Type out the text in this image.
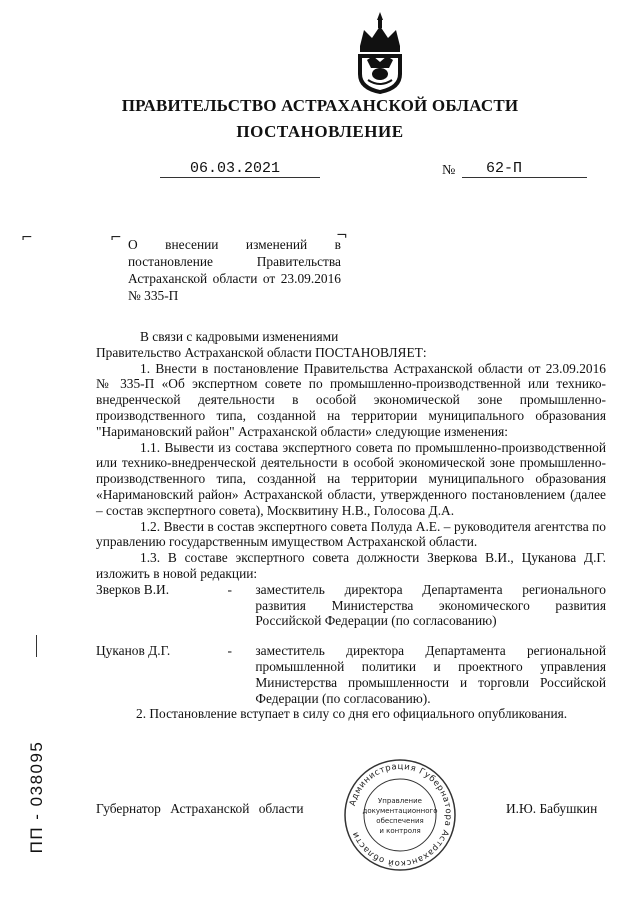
ПРАВИТЕЛЬСТВО АСТРАХАНСКОЙ ОБЛАСТИ
ПОСТАНОВЛЕНИЕ
06.03.2021	№ 62-П
⌐	⌐	¬
О внесении изменений в постановление Правительства Астраханской области от 23.09.2016 № 335-П

В связи с кадровыми изменениями

Правительство Астраханской области ПОСТАНОВЛЯЕТ:

1. Внести в постановление Правительства Астраханской области от 23.09.2016 № 335-П «Об экспертном совете по промышленно-производственной или технико-внедренческой деятельности в особой экономической зоне промышленно-производственного типа, созданной на территории муниципального образования "Наримановский район" Астраханской области» следующие изменения:

1.1. Вывести из состава экспертного совета по промышленно-производственной или технико-внедренческой деятельности в особой экономической зоне промышленно-производственного типа, созданной на территории муниципального образования «Наримановский район» Астраханской области, утвержденного постановлением (далее – состав экспертного совета), Москвитину Н.В., Голосова Д.А.

1.2. Ввести в состав экспертного совета Полуда А.Е. – руководителя агентства по управлению государственным имуществом Астраханской области.

1.3. В составе экспертного совета должности Зверкова В.И., Цуканова Д.Г. изложить в новой редакции:

Зверков В.И.	-	заместитель директора Департамента регионального развития Министерства экономического развития Российской Федерации (по согласованию)
Цуканов Д.Г.	-	заместитель директора Департамента региональной промышленной политики и проектного управления Министерства промышленности и торговли Российской Федерации (по согласованию).

2. Постановление вступает в силу со дня его официального опубликования.

Губернатор Астраханской области	И.Ю. Бабушкин
Администрация Губернатора Астраханской области
Управление
документационного
обеспечения
и контроля
ПП - 038095
